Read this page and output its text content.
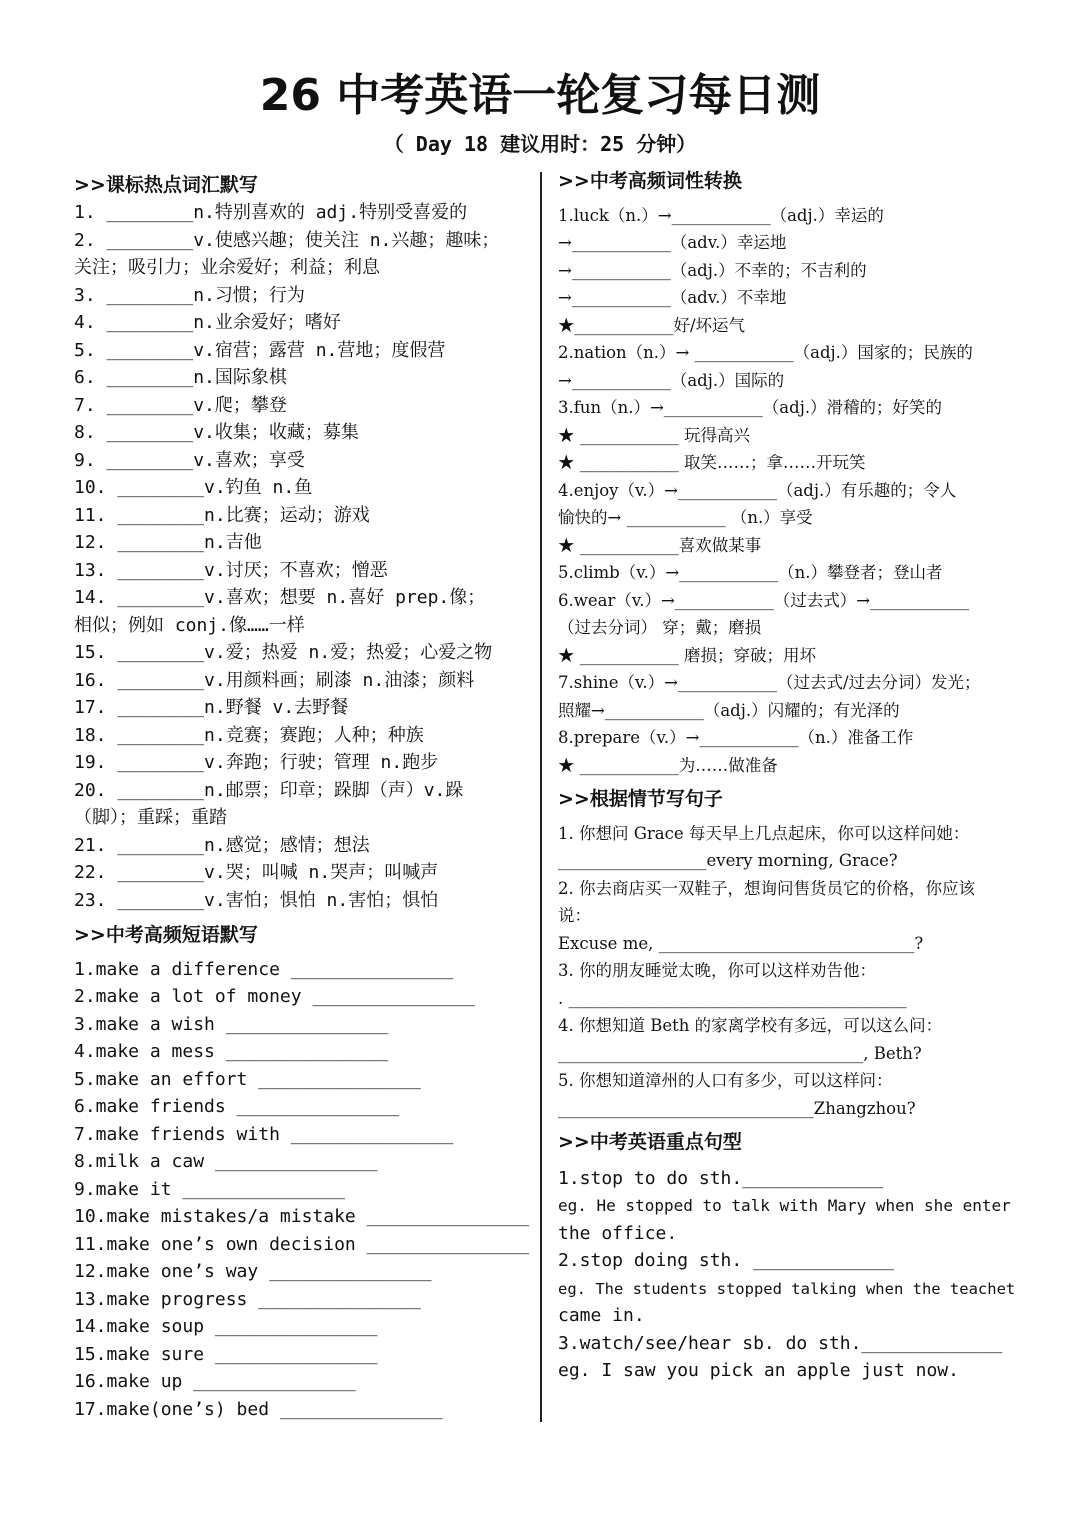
26 中考英语一轮复习每日测
（ Day 18 建议用时：25 分钟）
>>课标热点词汇默写
1. ________n.特别喜欢的 adj.特别受喜爱的
2. ________v.使感兴趣；使关注 n.兴趣；趣味；
关注；吸引力；业余爱好；利益；利息
3. ________n.习惯；行为
4. ________n.业余爱好；嗜好
5. ________v.宿营；露营 n.营地；度假营
6. ________n.国际象棋
7. ________v.爬；攀登
8. ________v.收集；收藏；募集
9. ________v.喜欢；享受
10. ________v.钓鱼 n.鱼
11. ________n.比赛；运动；游戏
12. ________n.吉他
13. ________v.讨厌；不喜欢；憎恶
14. ________v.喜欢；想要 n.喜好 prep.像；
相似；例如 conj.像……一样
15. ________v.爱；热爱 n.爱；热爱；心爱之物
16. ________v.用颜料画；刷漆 n.油漆；颜料
17. ________n.野餐 v.去野餐
18. ________n.竞赛；赛跑；人种；种族
19. ________v.奔跑；行驶；管理 n.跑步
20. ________n.邮票；印章；跺脚（声）v.跺
（脚）；重踩；重踏
21. ________n.感觉；感情；想法
22. ________v.哭；叫喊 n.哭声；叫喊声
23. ________v.害怕；惧怕 n.害怕；惧怕
>>中考高频短语默写
1.make a difference _______________
2.make a lot of money _______________
3.make a wish _______________
4.make a mess _______________
5.make an effort _______________
6.make friends _______________
7.make friends with _______________
8.milk a caw _______________
9.make it _______________
10.make mistakes/a mistake _______________
11.make one’s own decision _______________
12.make one’s way _______________
13.make progress _______________
14.make soup _______________
15.make sure _______________
16.make up _______________
17.make(one’s) bed _______________
>>中考高频词性转换
1.luck（n.）→____________（adj.）幸运的
→____________（adv.）幸运地
→____________（adj.）不幸的；不吉利的
→____________（adv.）不幸地
★____________好/坏运气
2.nation（n.）→ ____________（adj.）国家的；民族的
→____________（adj.）国际的
3.fun（n.）→____________（adj.）滑稽的；好笑的
★ ____________ 玩得高兴
★ ____________ 取笑……；拿……开玩笑
4.enjoy（v.）→____________（adj.）有乐趣的；令人
愉快的→ ____________ （n.）享受
★ ____________喜欢做某事
5.climb（v.）→____________（n.）攀登者；登山者
6.wear（v.）→____________（过去式）→____________
（过去分词） 穿；戴；磨损
★ ____________ 磨损；穿破；用坏
7.shine（v.）→____________（过去式/过去分词）发光；
照耀→____________（adj.）闪耀的；有光泽的
8.prepare（v.）→____________（n.）准备工作
★ ____________为……做准备
>>根据情节写句子
1. 你想问 Grace 每天早上几点起床，你可以这样问她：
__________________every morning, Grace?
2. 你去商店买一双鞋子，想询问售货员它的价格，你应该
说：
Excuse me, _______________________________?
3. 你的朋友睡觉太晚，你可以这样劝告他：
. _________________________________________
4. 你想知道 Beth 的家离学校有多远，可以这么问：
_____________________________________, Beth?
5. 你想知道漳州的人口有多少，可以这样问：
_______________________________Zhangzhou?
>>中考英语重点句型
1.stop to do sth._____________
eg. He stopped to talk with Mary when she enter
the office.
2.stop doing sth. _____________
eg. The students stopped talking when the teachet
came in.
3.watch/see/hear sb. do sth._____________
eg. I saw you pick an apple just now.
